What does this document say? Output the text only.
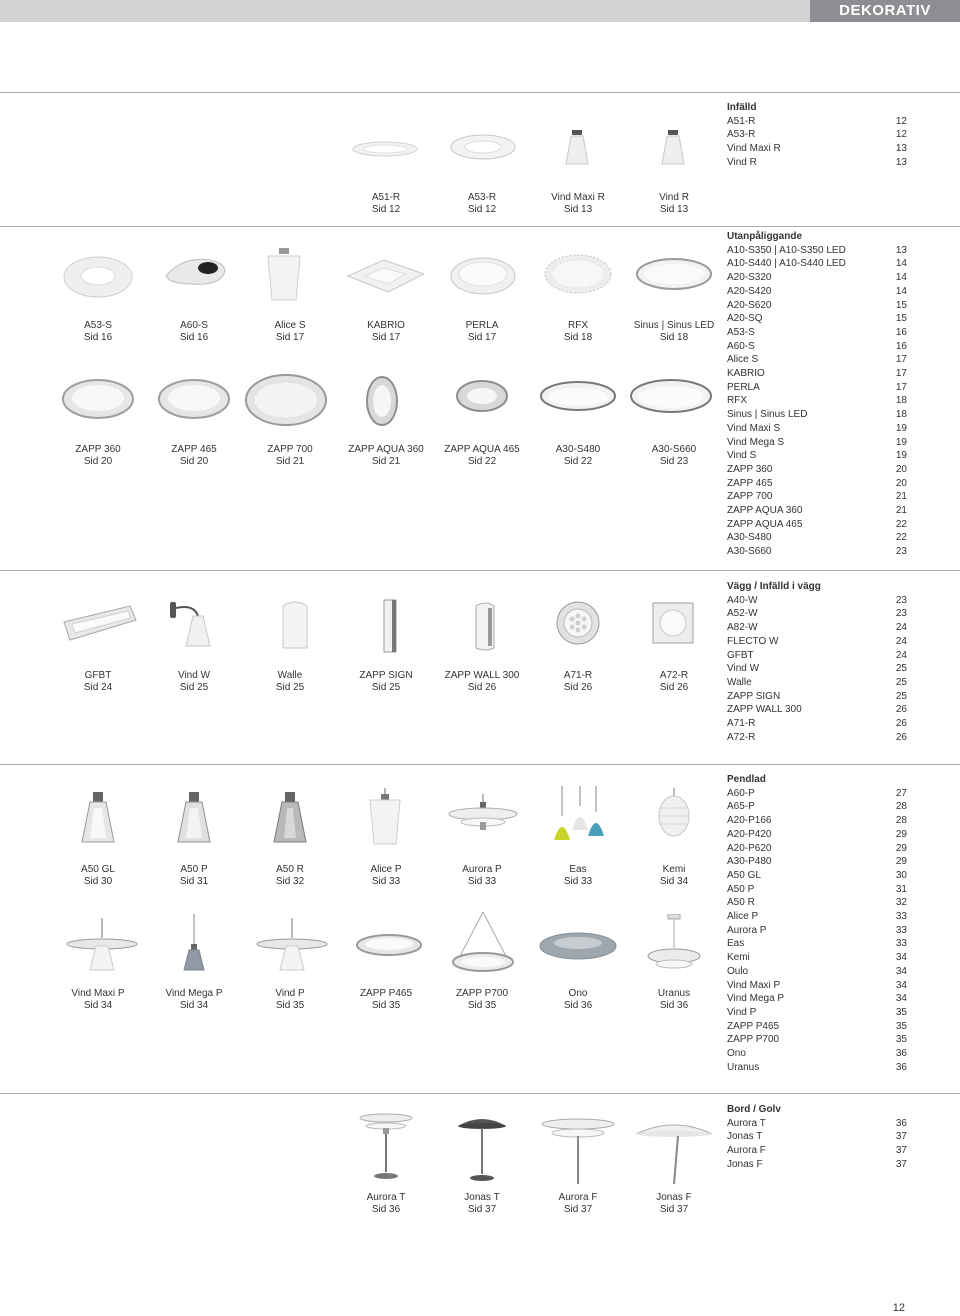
DEKORATIV
A51-R
Sid 12
A53-R
Sid 12
Vind Maxi R
Sid 13
Vind R
Sid 13
A53-S
Sid 16
A60-S
Sid 16
Alice S
Sid 17
KABRIO
Sid 17
PERLA
Sid 17
RFX
Sid 18
Sinus | Sinus LED
Sid 18
ZAPP 360
Sid 20
ZAPP 465
Sid 20
ZAPP 700
Sid 21
ZAPP AQUA 360
Sid 21
ZAPP AQUA 465
Sid 22
A30-S480
Sid 22
A30-S660
Sid 23
GFBT
Sid 24
Vind W
Sid 25
Walle
Sid 25
ZAPP SIGN
Sid 25
ZAPP WALL 300
Sid 26
A71-R
Sid 26
A72-R
Sid 26
A50 GL
Sid 30
A50 P
Sid 31
A50 R
Sid 32
Alice P
Sid 33
Aurora P
Sid 33
Eas
Sid 33
Kemi
Sid 34
Vind Maxi P
Sid 34
Vind Mega P
Sid 34
Vind P
Sid 35
ZAPP P465
Sid 35
ZAPP P700
Sid 35
Ono
Sid 36
Uranus
Sid 36
Aurora T
Sid 36
Jonas T
Sid 37
Aurora F
Sid 37
Jonas F
Sid 37
Infälld
A51-R	12
A53-R	12
Vind Maxi R	13
Vind R	13
Utanpåliggande
A10-S350 | A10-S350 LED	13
A10-S440 | A10-S440 LED	14
A20-S320	14
A20-S420	14
A20-S620	15
A20-SQ	15
A53-S	16
A60-S	16
Alice S	17
KABRIO	17
PERLA	17
RFX	18
Sinus | Sinus LED	18
Vind Maxi S	19
Vind Mega S	19
Vind S	19
ZAPP 360	20
ZAPP 465	20
ZAPP 700	21
ZAPP AQUA 360	21
ZAPP AQUA 465	22
A30-S480	22
A30-S660	23
Vägg / Infälld i vägg
A40-W	23
A52-W	23
A82-W	24
FLECTO W	24
GFBT	24
Vind W	25
Walle	25
ZAPP SIGN	25
ZAPP WALL 300	26
A71-R	26
A72-R	26
Pendlad
A60-P	27
A65-P	28
A20-P166	28
A20-P420	29
A20-P620	29
A30-P480	29
A50 GL	30
A50 P	31
A50 R	32
Alice P	33
Aurora P	33
Eas	33
Kemi	34
Oulo	34
Vind Maxi P	34
Vind Mega P	34
Vind P	35
ZAPP P465	35
ZAPP P700	35
Ono	36
Uranus	36
Bord / Golv
Aurora T	36
Jonas T	37
Aurora F	37
Jonas F	37
12
